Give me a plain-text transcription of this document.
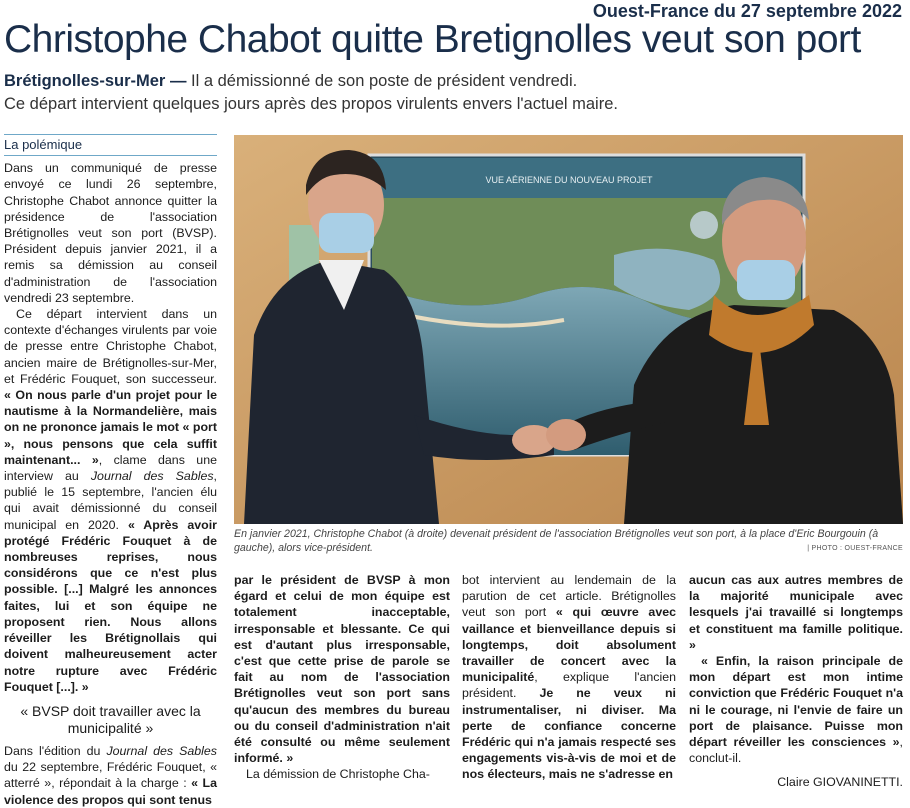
Ouest-France du 27 septembre 2022
Christophe Chabot quitte Bretignolles veut son port
Brétignolles-sur-Mer — Il a démissionné de son poste de président vendredi.
Ce départ intervient quelques jours après des propos virulents envers l'actuel maire.
La polémique

Dans un communiqué de presse envoyé ce lundi 26 septembre, Christophe Chabot annonce quitter la présidence de l'association Brétignolles veut son port (BVSP). Président depuis janvier 2021, il a remis sa démission au conseil d'administration de l'association vendredi 23 septembre.

Ce départ intervient dans un contexte d'échanges virulents par voie de presse entre Christophe Chabot, ancien maire de Brétignolles-sur-Mer, et Frédéric Fouquet, son successeur. « On nous parle d'un projet pour le nautisme à la Normandelière, mais on ne prononce jamais le mot « port », nous pensons que cela suffit maintenant... », clame dans une interview au Journal des Sables, publié le 15 septembre, l'ancien élu qui avait démissionné du conseil municipal en 2020. « Après avoir protégé Frédéric Fouquet à de nombreuses reprises, nous considérons que ce n'est plus possible. [...] Malgré les annonces faites, lui et son équipe ne proposent rien. Nous allons réveiller les Brétignollais qui doivent malheureusement acter notre rupture avec Frédéric Fouquet [...]. »

« BVSP doit travailler avec la municipalité »

Dans l'édition du Journal des Sables du 22 septembre, Frédéric Fouquet, « atterré », répondait à la charge : « La violence des propos qui sont tenus

VUE AÉRIENNE DU NOUVEAU PROJET
En janvier 2021, Christophe Chabot (à droite) devenait président de l'association Brétignolles veut son port, à la place d'Eric Bourgouin (à gauche), alors vice-président.	| PHOTO : OUEST-FRANCE

par le président de BVSP à mon égard et celui de mon équipe est totalement inacceptable, irresponsable et blessante. Ce qui est d'autant plus irresponsable, c'est que cette prise de parole se fait au nom de l'association Brétignolles veut son port sans qu'aucun des membres du bureau ou du conseil d'administration n'ait été consulté ou même seulement informé. »

La démission de Christophe Cha-

bot intervient au lendemain de la parution de cet article. Brétignolles veut son port « qui œuvre avec vaillance et bienveillance depuis si longtemps, doit absolument travailler de concert avec la municipalité, explique l'ancien président. Je ne veux ni instrumentaliser, ni diviser. Ma perte de confiance concerne Frédéric qui n'a jamais respecté ses engagements vis-à-vis de moi et de nos électeurs, mais ne s'adresse en

aucun cas aux autres membres de la majorité municipale avec lesquels j'ai travaillé si longtemps et constituent ma famille politique. »

« Enfin, la raison principale de mon départ est mon intime conviction que Frédéric Fouquet n'a ni le courage, ni l'envie de faire un port de plaisance. Puisse mon départ réveiller les consciences », conclut-il.

Claire GIOVANINETTI.
